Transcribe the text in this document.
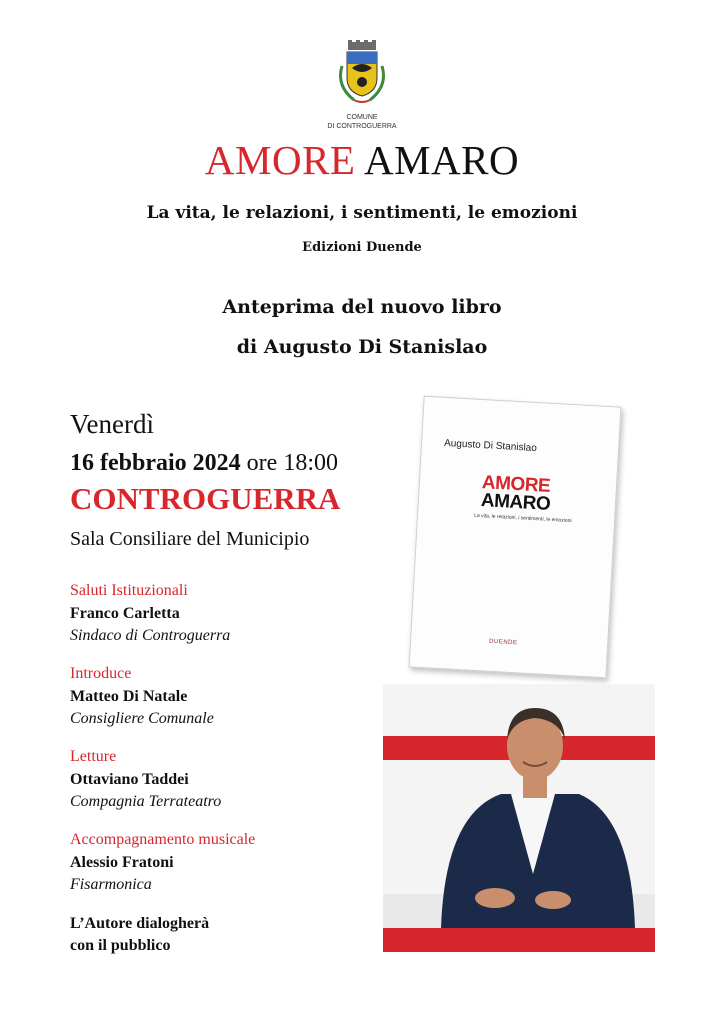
COMUNE
DI CONTROGUERRA
AMORE AMARO
La vita, le relazioni, i sentimenti, le emozioni
Edizioni Duende
Anteprima del nuovo libro
di Augusto Di Stanislao
Venerdì
16 febbraio 2024 ore 18:00
CONTROGUERRA
Sala Consiliare del Municipio
Saluti Istituzionali
Franco Carletta
Sindaco di Controguerra
Introduce
Matteo Di Natale
Consigliere Comunale
Letture
Ottaviano Taddei
Compagnia Terrateatro
Accompagnamento musicale
Alessio Fratoni
Fisarmonica
L’Autore dialogherà
con il pubblico
Augusto Di Stanislao
AMORE
AMARO
La vita, le relazioni, i sentimenti, le emozioni
DUENDE
